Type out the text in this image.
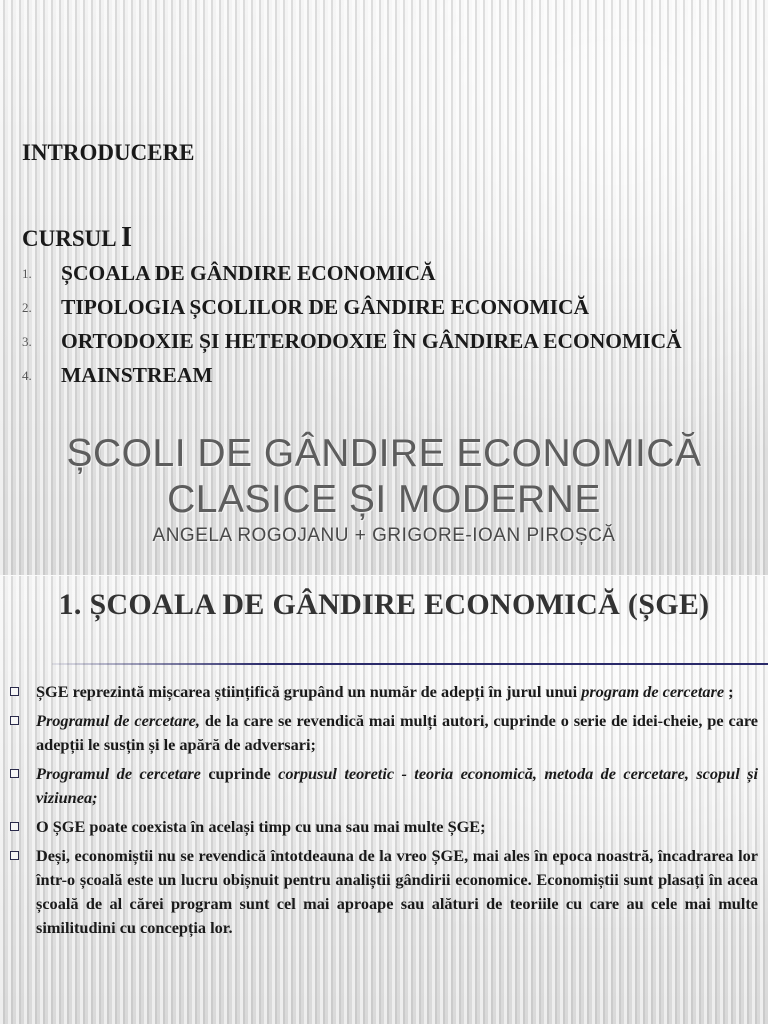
INTRODUCERE
CURSUL I
1. ȘCOALA DE GÂNDIRE ECONOMICĂ
2. TIPOLOGIA ȘCOLILOR DE GÂNDIRE ECONOMICĂ
3. ORTODOXIE ȘI HETERODOXIE ÎN GÂNDIREA ECONOMICĂ
4. MAINSTREAM
ȘCOLI DE GÂNDIRE ECONOMICĂ
CLASICE ȘI MODERNE
ANGELA ROGOJANU + GRIGORE-IOAN PIROȘCĂ
1. ȘCOALA DE GÂNDIRE ECONOMICĂ (ȘGE)
ȘGE reprezintă mișcarea științifică grupând un număr de adepți în jurul unui program de cercetare ;
Programul de cercetare, de la care se revendică mai mulți autori, cuprinde o serie de idei-cheie, pe care adepții le susțin și le apără de adversari;
Programul de cercetare cuprinde corpusul teoretic - teoria economică, metoda de cercetare, scopul și viziunea;
O ȘGE poate coexista în același timp cu una sau mai multe ȘGE;
Deși, economiștii nu se revendică întotdeauna de la vreo ȘGE, mai ales în epoca noastră, încadrarea lor într-o școală este un lucru obișnuit pentru analiștii gândirii economice. Economiștii sunt plasați în acea școală de al cărei program sunt cel mai aproape sau alături de teoriile cu care au cele mai multe similitudini cu concepția lor.
